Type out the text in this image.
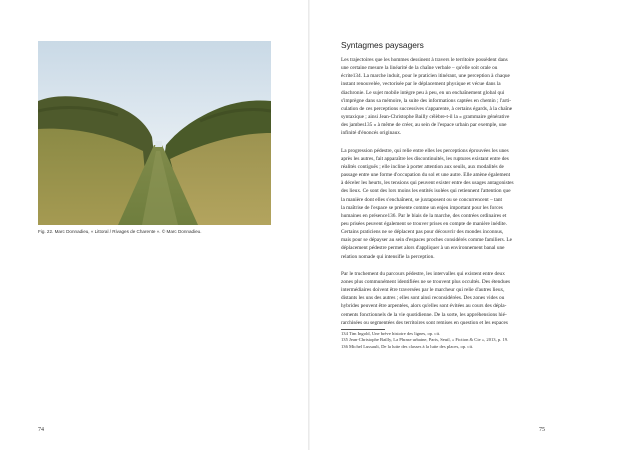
Fig. 22. Marc Donnadieu, « Littoral / Rivages de Charente ». © Marc Donnadieu.
74
Syntagmes paysagers
Les trajectoires que les hommes dessinent à travers le territoire possèdent dans
une certaine mesure la linéarité de la chaîne verbale – qu'elle soit orale ou
écrite134. La marche induit, pour le praticien itinérant, une perception à chaque
instant renouvelée, vectorisée par le déplacement physique et vécue dans la
diachronie. Le sujet mobile intègre peu à peu, en un enchaînement global qui
s'imprègne dans sa mémoire, la suite des informations captées en chemin ; l'arti-
culation de ces perceptions successives s'apparente, à certains égards, à la chaîne
syntaxique ; ainsi Jean-Christophe Bailly célèbre-t-il la « grammaire générative
des jambes135 » à même de créer, au sein de l'espace urbain par exemple, une
infinité d'énoncés originaux.
La progression pédestre, qui relie entre elles les perceptions éprouvées les unes
après les autres, fait apparaître les discontinuités, les ruptures existant entre des
réalités contiguës ; elle incline à porter attention aux seuils, aux modalités de
passage entre une forme d'occupation du sol et une autre. Elle amène également
à déceler les heurts, les tensions qui peuvent exister entre des usages antagonistes
des lieux. Ce sont des lors moins les entités isolées qui retiennent l'attention que
la manière dont elles s'enchaînent, se juxtaposent ou se concurrencent – tant
la maîtrise de l'espace se présente comme un enjeu important pour les forces
humaines en présence136. Par le biais de la marche, des contrées ordinaires et
peu prisées peuvent également se trouver prises en compte de manière inédite.
Certains praticiens ne se déplacent pas pour découvrir des mondes inconnus,
mais pour se dépayser au sein d'espaces proches considérés comme familiers. Le
déplacement pédestre permet alors d'appliquer à un environnement banal une
relation nomade qui intensifie la perception.
Par le truchement du parcours pédestre, les intervalles qui existent entre deux
zones plus communément identifiées ne se trouvent plus occultés. Des étendues
intermédiaires doivent être traversées par le marcheur qui relie d'autres lieux,
distants les uns des autres ; elles sont ainsi reconsidérées. Des zones vides ou
hybrides peuvent être arpentées, alors qu'elles sont évitées au cours des dépla-
cements fonctionnels de la vie quotidienne. De la sorte, les appréhensions hié-
rarchisées ou segmentées des territoires sont remises en question et les espaces
134 Tim Ingold, Une brève histoire des lignes, op. cit.
135 Jean-Christophe Bailly, La Phrase urbaine, Paris, Seuil, « Fiction & Cie », 2013, p. 19.
136 Michel Lussault, De la lutte des classes à la lutte des places, op. cit.
75
